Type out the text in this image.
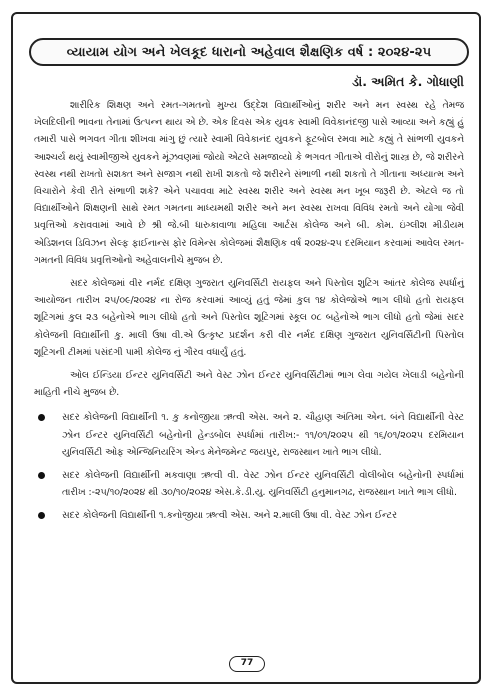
વ્યાયામ યોગ અને ખેલકૂદ ધારાનો અહેવાલ શૈક્ષણિક વર્ષ : ૨૦૨૪-૨૫
ડૉ. અમિત કે. ગોધાણી

શારીરિક શિક્ષણ અને રમત-ગમતનો મુખ્ય ઉદ્દેશ વિદ્યાર્થીઓનું શરીર અને મન સ્વસ્થ રહે તેમજ ખેલદિલીની ભાવના તેનામાં ઉત્પન્ન થાય એ છે. એક દિવસ એક યુવક સ્વામી વિવેકાનંદજી પાસે આવ્યા અને કહ્યું હું તમારી પાસે ભગવત ગીતા શીખવા માંગુ છું ત્યારે સ્વામી વિવેકાનંદ યુવકને ફૂટબોલ રમવા માટે કહ્યું તે સાંભળી યુવકને આશ્ચર્ય થયું સ્વામીજીએ યુવકને મૂંઝવણમાં જોયો એટલે સમજાવ્યો કે ભગવત ગીતાએ વીરોનું શાસ્ત્ર છે, જે શરીરને સ્વસ્થ નથી રાખતો સશક્ત અને સજાગ નથી રાખી શકતો જે શરીરને સંભાળી નથી શકતો તે ગીતાના અધ્યાત્મ અને વિચારોને કેવી રીતે સંભાળી શકે? એને પચાવવા માટે સ્વસ્થ શરીર અને સ્વસ્થ મન ખૂબ જરૂરી છે. એટલે જ તો વિદ્યાર્થીઓને શિક્ષણની સાથે રમત ગમતના માધ્યમથી શરીર અને મન સ્વસ્થ રાખવા વિવિધ રમતો અને યોગા જેવી પ્રવૃત્તિઓ કરાવવામાં આવે છે શ્રી જે.બી ધારુકાવાળા મહિલા આર્ટસ કોલેજ અને બી. કોમ. ઇંગ્લીશ મીડીયમ એડિશનલ ડિવિઝન સેલ્ફ ફાઈનાન્સ ફોર વિમેન્સ કોલેજમાં શૈક્ષણિક વર્ષ ૨૦૨૪-૨૫ દરમિયાન કરવામાં આવેલ રમત-ગમતની વિવિધ પ્રવૃત્તિઓનો અહેવાલનીચે મુજબ છે.

સદર કોલેજમાં વીર નર્મદ દક્ષિણ ગુજરાત યુનિવર્સિટી રાયફલ અને પિસ્તોલ શુટિંગ આંતર કોલેજ સ્પર્ધાનું આયોજન તારીખ ૨૫/૦૯/૨૦૨૪ ના રોજ કરવામાં આવ્યું હતું જેમાં કુલ ૧૪ કોલેજોએ ભાગ લીધો હતો રાયફલ શૂટિંગમાં કુલ ૨૩ બહેનોએ ભાગ લીધો હતો અને પિસ્તોલ શૂટિંગમાં સ્કૂલ ૦૮ બહેનોએ ભાગ લીધો હતો જેમાં સદર કોલેજની વિદ્યાર્થીની કુ. માલી ઉષા વી.એ ઉત્કૃષ્ટ પ્રદર્શન કરી વીર નર્મદ દક્ષિણ ગુજરાત યુનિવર્સિટીની પિસ્તોલ શૂટિંગની ટીમમાં પસંદગી પામી કોલેજ નું ગૌરવ વધાર્યું હતું.

ઓલ ઈન્ડિયા ઈન્ટર યુનિવર્સિટી અને વેસ્ટ ઝોન ઈન્ટર યુનિવર્સિટીમાં ભાગ લેવા ગયેલ ખેલાડી બહેનોની માહિતી નીચે મુજબ છે.

સદર કોલેજની વિદ્યાર્થીની ૧. કુ કનોજીયા ઋત્વી એસ. અને ૨. ચૌહાણ અંતિમા એન. બંને વિદ્યાર્થીની વેસ્ટ ઝોન ઈન્ટર યુનિવર્સિટી બહેનોની હેન્ડબોલ સ્પર્ધામાં તારીખ:- ૧૧/૦૧/૨૦૨૫ થી ૧૬/૦૧/૨૦૨૫ દરમિયાન યુનિવર્સિટી ઓફ એન્જિનિયરિંગ એન્ડ મેનેજમેન્ટ જયપુર, રાજસ્થાન ખાતે ભાગ લીધો.
સદર કોલેજની વિદ્યાર્થીની મકવાણા ઋત્વી વી. વેસ્ટ ઝોન ઈન્ટર યુનિવર્સિટી વોલીબોલ બહેનોની સ્પર્ધામાં તારીખ :-૨૫/૧૦/૨૦૨૪ થી ૩૦/૧૦/૨૦૨૪ એસ.કે.ડી.યુ. યુનિવર્સિટી હનુમાનગઢ, રાજસ્થાન ખાતે ભાગ લીધો.
સદર કોલેજની વિદ્યાર્થીની ૧.કનોજીયા ઋત્વી એસ. અને ૨.માલી ઉષા વી. વેસ્ટ ઝોન ઈન્ટર
77
